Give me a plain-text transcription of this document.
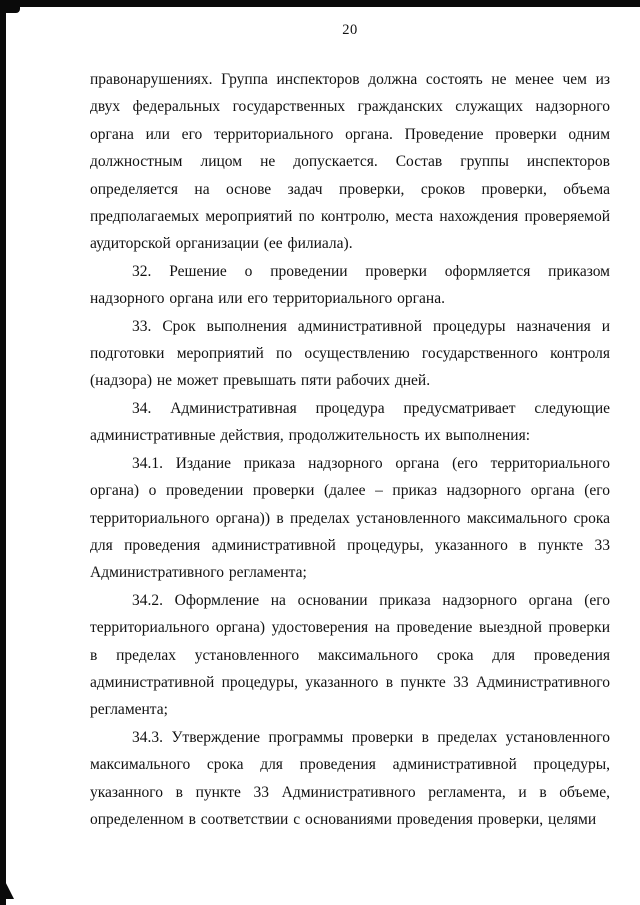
20

правонарушениях. Группа инспекторов должна состоять не менее чем из двух федеральных государственных гражданских служащих надзорного органа или его территориального органа. Проведение проверки одним должностным лицом не допускается. Состав группы инспекторов определяется на основе задач проверки, сроков проверки, объема предполагаемых мероприятий по контролю, места нахождения проверяемой аудиторской организации (ее филиала).

32. Решение о проведении проверки оформляется приказом надзорного органа или его территориального органа.

33. Срок выполнения административной процедуры назначения и подготовки мероприятий по осуществлению государственного контроля (надзора) не может превышать пяти рабочих дней.

34. Административная процедура предусматривает следующие административные действия, продолжительность их выполнения:

34.1. Издание приказа надзорного органа (его территориального органа) о проведении проверки (далее – приказ надзорного органа (его территориального органа)) в пределах установленного максимального срока для проведения административной процедуры, указанного в пункте 33 Административного регламента;

34.2. Оформление на основании приказа надзорного органа (его территориального органа) удостоверения на проведение выездной проверки в пределах установленного максимального срока для проведения административной процедуры, указанного в пункте 33 Административного регламента;

34.3. Утверждение программы проверки в пределах установленного максимального срока для проведения административной процедуры, указанного в пункте 33 Административного регламента, и в объеме, определенном в соответствии с основаниями проведения проверки, целями
